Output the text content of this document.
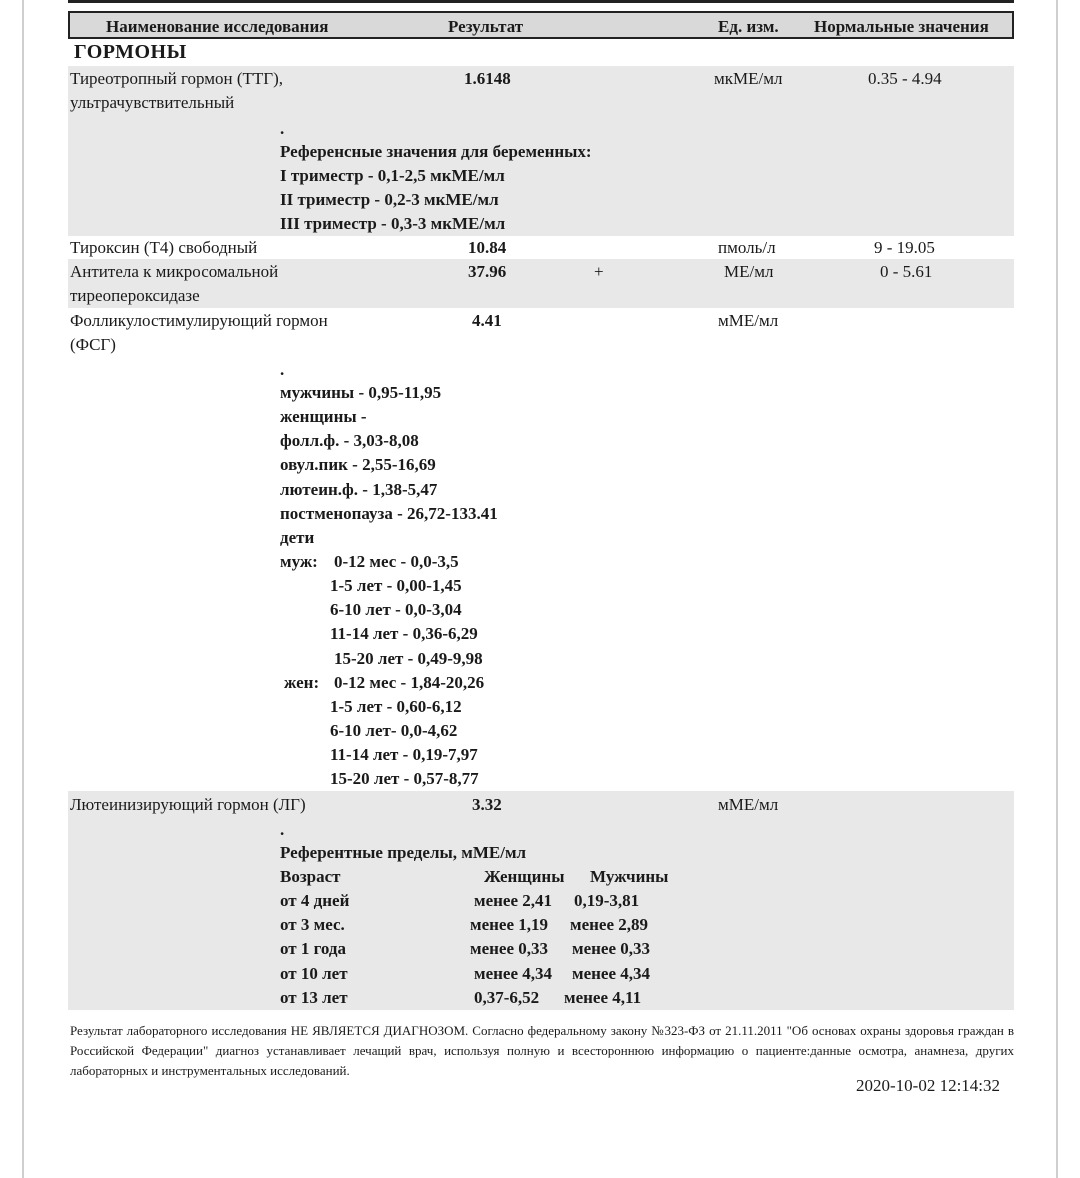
Наименование исследования	Результат	Ед. изм. Нормальные значения
ГОРМОНЫ
Тиреотропный гормон (ТТГ),
ультрачувствительный
1.6148	мкМЕ/мл	0.35 - 4.94
.
Референсные значения для беременных:
I триместр - 0,1-2,5 мкМЕ/мл
II триместр - 0,2-3 мкМЕ/мл
III триместр - 0,3-3 мкМЕ/мл
Тироксин (Т4) свободный	10.84	пмоль/л	9 - 19.05
Антитела к микросомальной
тиреопероксидазе
37.96	+	МЕ/мл	0 - 5.61
Фолликулостимулирующий гормон
(ФСГ)
4.41	мМЕ/мл
.
мужчины - 0,95-11,95
женщины -
фолл.ф. - 3,03-8,08
овул.пик - 2,55-16,69
лютеин.ф. - 1,38-5,47
постменопауза - 26,72-133.41
дети
муж: 0-12 мес - 0,0-3,5
1-5 лет - 0,00-1,45
6-10 лет - 0,0-3,04
11-14 лет - 0,36-6,29
15-20 лет - 0,49-9,98
жен: 0-12 мес - 1,84-20,26
1-5 лет - 0,60-6,12
6-10 лет- 0,0-4,62
11-14 лет - 0,19-7,97
15-20 лет - 0,57-8,77
Лютеинизирующий гормон (ЛГ)	3.32	мМЕ/мл
.
Референтные пределы, мМЕ/мл
Возраст	Женщины Мужчины
от 4 дней	менее 2,41 0,19-3,81
от 3 мес.	менее 1,19 менее 2,89
от 1 года	менее 0,33 менее 0,33
от 10 лет	менее 4,34 менее 4,34
от 13 лет	0,37-6,52 менее 4,11
Результат лабораторного исследования НЕ ЯВЛЯЕТСЯ ДИАГНОЗОМ. Согласно федеральному закону №323-ФЗ от 21.11.2011 "Об основах охраны здоровья граждан в Российской Федерации" диагноз устанавливает лечащий врач, используя полную и всестороннюю информацию о пациенте:данные осмотра, анамнеза, других лабораторных и инструментальных исследований.
2020-10-02 12:14:32
